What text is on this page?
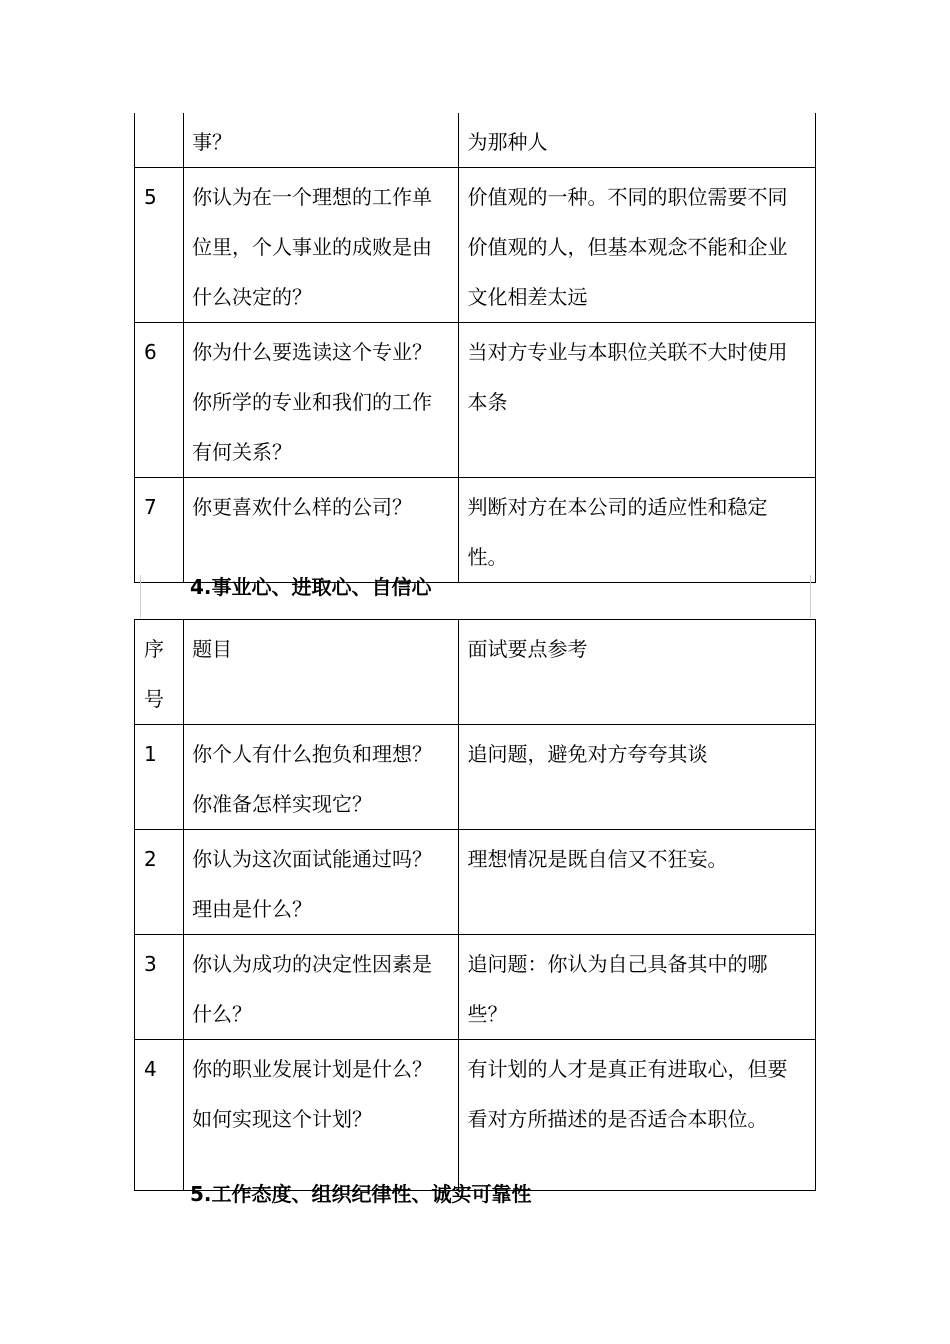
	事？	为那种人
5	你认为在一个理想的工作单位里，个人事业的成败是由什么决定的？	价值观的一种。不同的职位需要不同价值观的人，但基本观念不能和企业文化相差太远
6	你为什么要选读这个专业？你所学的专业和我们的工作有何关系？	当对方专业与本职位关联不大时使用本条
7	你更喜欢什么样的公司？	判断对方在本公司的适应性和稳定性。
4.事业心、进取心、自信心
序号	题目	面试要点参考
1	你个人有什么抱负和理想？你准备怎样实现它？	追问题，避免对方夸夸其谈
2	你认为这次面试能通过吗？理由是什么？	理想情况是既自信又不狂妄。
3	你认为成功的决定性因素是什么？	追问题：你认为自己具备其中的哪些？
4	你的职业发展计划是什么？如何实现这个计划？	有计划的人才是真正有进取心，但要看对方所描述的是否适合本职位。
5.工作态度、组织纪律性、诚实可靠性
